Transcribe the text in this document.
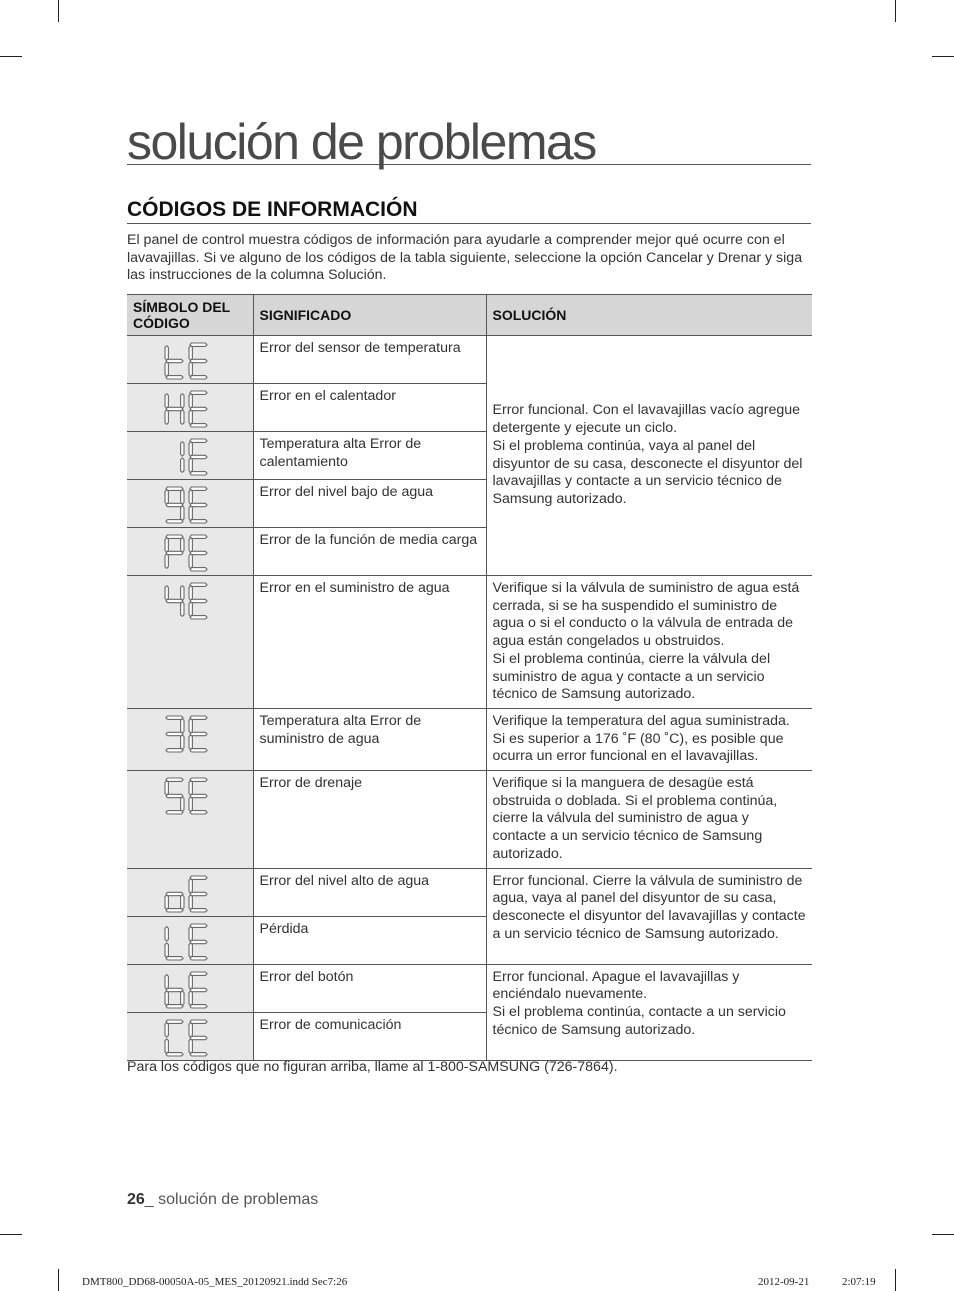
solución de problemas
CÓDIGOS DE INFORMACIÓN

El panel de control muestra códigos de información para ayudarle a comprender mejor qué ocurre con el lavavajillas. Si ve alguno de los códigos de la tabla siguiente, seleccione la opción Cancelar y Drenar y siga las instrucciones de la columna Solución.

SÍMBOLO DEL CÓDIGO	SIGNIFICADO	SOLUCIÓN

	Error del sensor de temperatura	Error funcional. Con el lavavajillas vacío agregue detergente y ejecute un ciclo.

Si el problema continúa, vaya al panel del disyuntor de su casa, desconecte el disyuntor del lavavajillas y contacte a un servicio técnico de Samsung autorizado.

	Error en el calentador	

	Temperatura alta Error de calentamiento	

	Error del nivel bajo de agua	

	Error de la función de media carga	

	Error en el suministro de agua	Verifique si la válvula de suministro de agua está cerrada, si se ha suspendido el suministro de agua o si el conducto o la válvula de entrada de agua están congelados u obstruidos.

Si el problema continúa, cierre la válvula del suministro de agua y contacte a un servicio técnico de Samsung autorizado.

	Temperatura alta Error de suministro de agua	Verifique la temperatura del agua suministrada. Si es superior a 176 ˚F (80 ˚C), es posible que ocurra un error funcional en el lavavajillas.

	Error de drenaje	Verifique si la manguera de desagüe está obstruida o doblada. Si el problema continúa, cierre la válvula del suministro de agua y contacte a un servicio técnico de Samsung autorizado.

	Error del nivel alto de agua	Error funcional. Cierre la válvula de suministro de agua, vaya al panel del disyuntor de su casa, desconecte el disyuntor del lavavajillas y contacte a un servicio técnico de Samsung autorizado.

	Pérdida	

	Error del botón	Error funcional. Apague el lavavajillas y enciéndalo nuevamente.

Si el problema continúa, contacte a un servicio técnico de Samsung autorizado.

	Error de comunicación	

Para los códigos que no figuran arriba, llame al 1-800-SAMSUNG (726-7864).

26_ solución de problemas

DMT800_DD68-00050A-05_MES_20120921.indd Sec7:26	2012-09-21	2:07:19
